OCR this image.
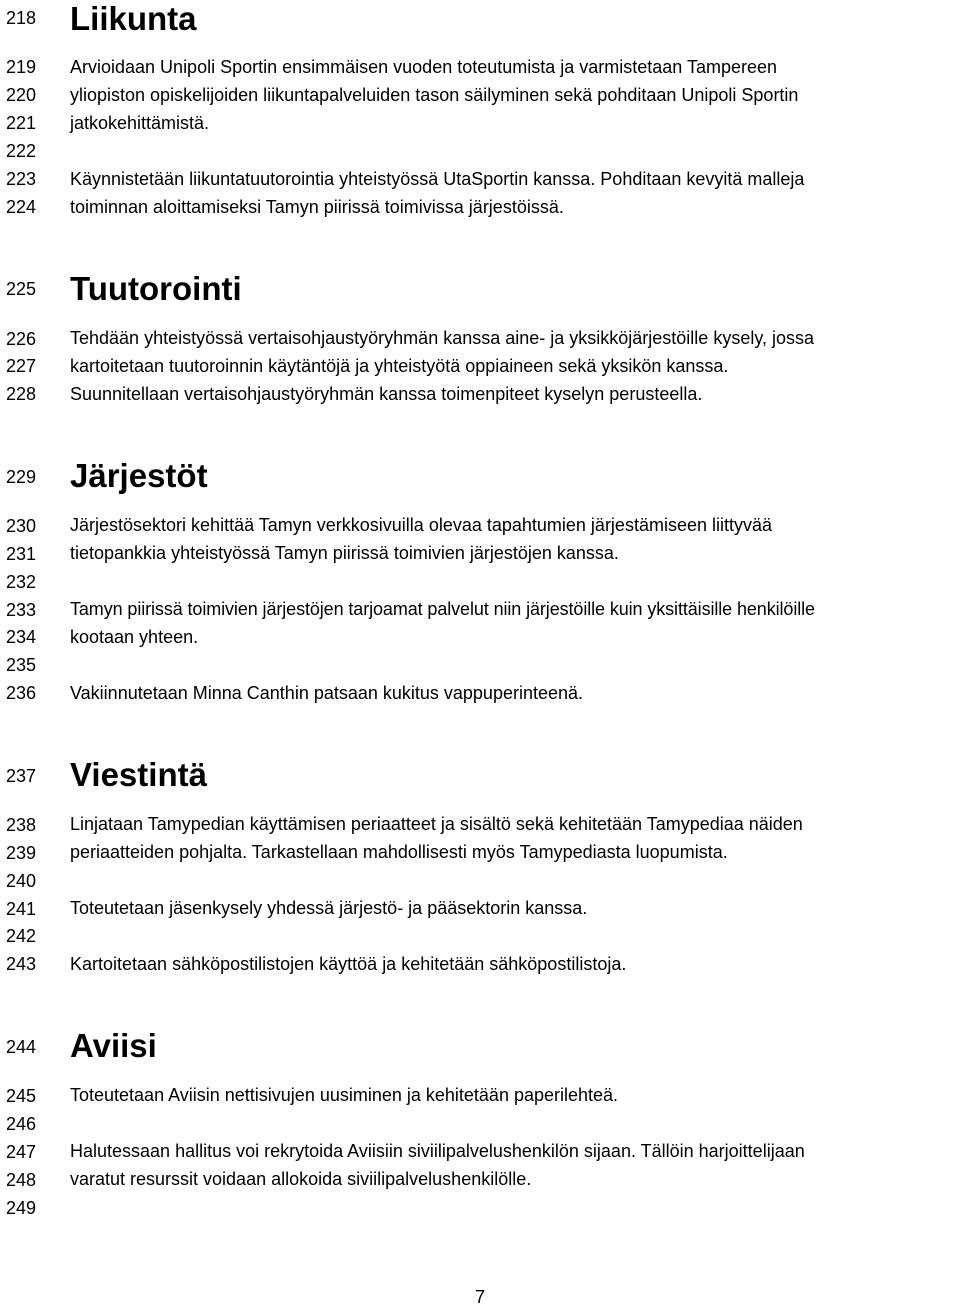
218
219
220
221
222
223
224
225
226
227
228
229
230
231
232
233
234
235
236
237
238
239
240
241
242
243
244
245
246
247
248
249
Liikunta
Arvioidaan Unipoli Sportin ensimmäisen vuoden toteutumista ja varmistetaan Tampereen
yliopiston opiskelijoiden liikuntapalveluiden tason säilyminen sekä pohditaan Unipoli Sportin
jatkokehittämistä.
Käynnistetään liikuntatuutorointia yhteistyössä UtaSportin kanssa. Pohditaan kevyitä malleja
toiminnan aloittamiseksi Tamyn piirissä toimivissa järjestöissä.
Tuutorointi
Tehdään yhteistyössä vertaisohjaustyöryhmän kanssa aine- ja yksikköjärjestöille kysely, jossa
kartoitetaan tuutoroinnin käytäntöjä ja yhteistyötä oppiaineen sekä yksikön kanssa.
Suunnitellaan vertaisohjaustyöryhmän kanssa toimenpiteet kyselyn perusteella.
Järjestöt
Järjestösektori kehittää Tamyn verkkosivuilla olevaa tapahtumien järjestämiseen liittyvää
tietopankkia yhteistyössä Tamyn piirissä toimivien järjestöjen kanssa.
Tamyn piirissä toimivien järjestöjen tarjoamat palvelut niin järjestöille kuin yksittäisille henkilöille
kootaan yhteen.
Vakiinnutetaan Minna Canthin patsaan kukitus vappuperinteenä.
Viestintä
Linjataan Tamypedian käyttämisen periaatteet ja sisältö sekä kehitetään Tamypediaa näiden
periaatteiden pohjalta. Tarkastellaan mahdollisesti myös Tamypediasta luopumista.
Toteutetaan jäsenkysely yhdessä järjestö- ja pääsektorin kanssa.
Kartoitetaan sähköpostilistojen käyttöä ja kehitetään sähköpostilistoja.
Aviisi
Toteutetaan Aviisin nettisivujen uusiminen ja kehitetään paperilehteä.
Halutessaan hallitus voi rekrytoida Aviisiin siviilipalvelushenkilön sijaan. Tällöin harjoittelijaan
varatut resurssit voidaan allokoida siviilipalvelushenkilölle.
7
